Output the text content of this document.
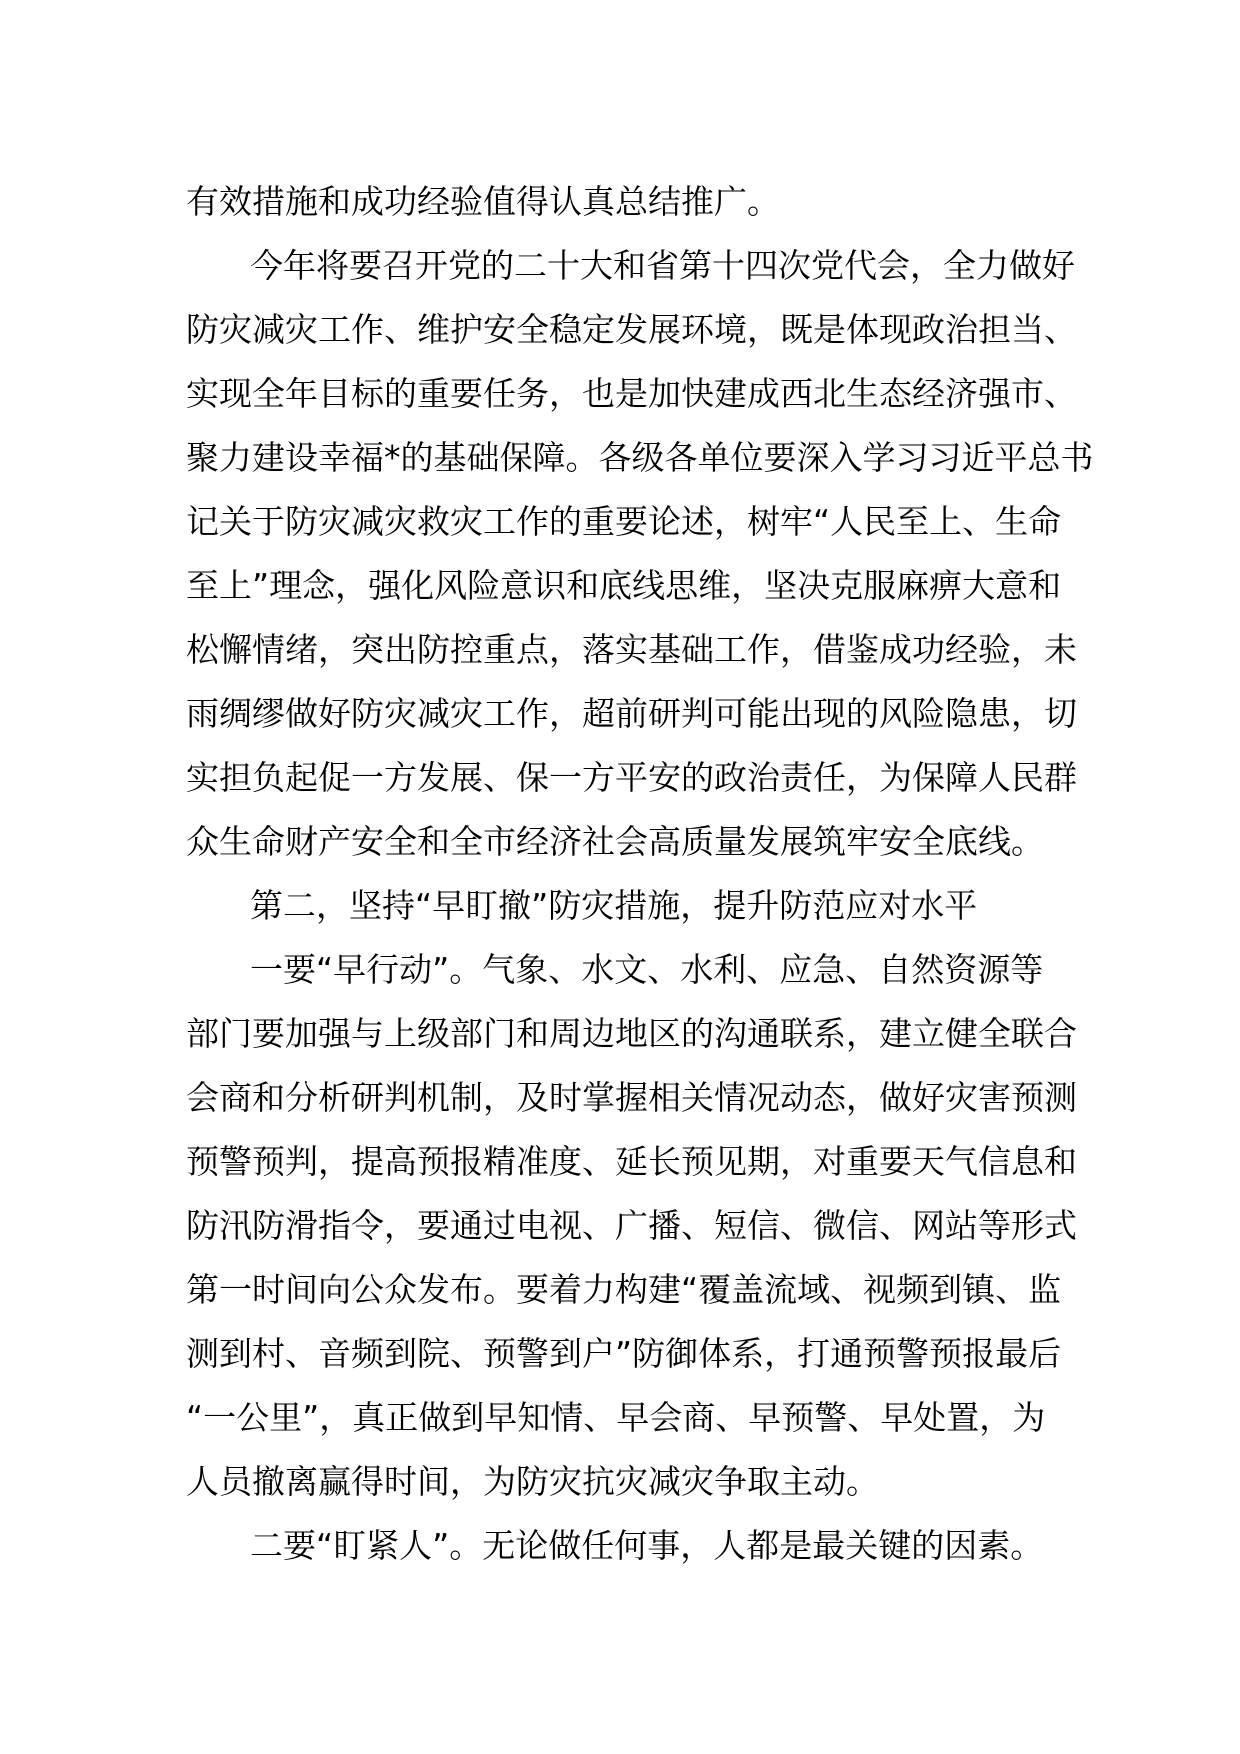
有效措施和成功经验值得认真总结推广。
今年将要召开党的二十大和省第十四次党代会，全力做好
防灾减灾工作、维护安全稳定发展环境，既是体现政治担当、
实现全年目标的重要任务，也是加快建成西北生态经济强市、
聚力建设幸福*的基础保障。各级各单位要深入学习习近平总书
记关于防灾减灾救灾工作的重要论述，树牢“人民至上、生命
至上”理念，强化风险意识和底线思维，坚决克服麻痹大意和
松懈情绪，突出防控重点，落实基础工作，借鉴成功经验，未
雨绸缪做好防灾减灾工作，超前研判可能出现的风险隐患，切
实担负起促一方发展、保一方平安的政治责任，为保障人民群
众生命财产安全和全市经济社会高质量发展筑牢安全底线。
第二，坚持“早盯撤”防灾措施，提升防范应对水平
一要“早行动”。气象、水文、水利、应急、自然资源等
部门要加强与上级部门和周边地区的沟通联系，建立健全联合
会商和分析研判机制，及时掌握相关情况动态，做好灾害预测
预警预判，提高预报精准度、延长预见期，对重要天气信息和
防汛防滑指令，要通过电视、广播、短信、微信、网站等形式
第一时间向公众发布。要着力构建“覆盖流域、视频到镇、监
测到村、音频到院、预警到户”防御体系，打通预警预报最后
“一公里”，真正做到早知情、早会商、早预警、早处置，为
人员撤离赢得时间，为防灾抗灾减灾争取主动。
二要“盯紧人”。无论做任何事，人都是最关键的因素。
